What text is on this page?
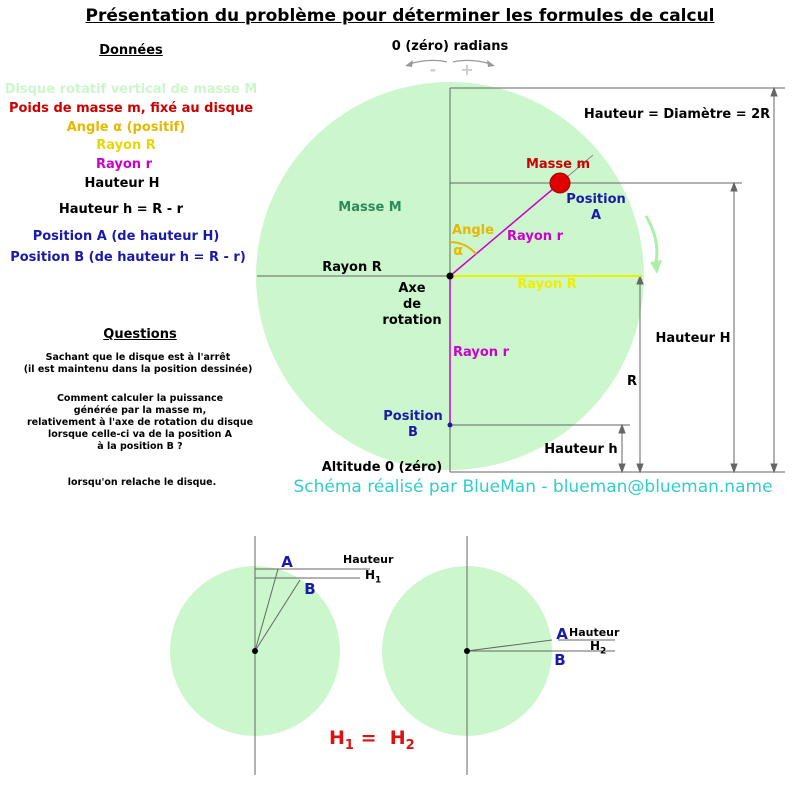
Présentation du problème pour déterminer les formules de calcul
Données
Disque rotatif vertical de masse M
Poids de masse m, fixé au disque
Angle α (positif)
Rayon R
Rayon r
Hauteur H
Hauteur h = R - r
Position A (de hauteur H)
Position B (de hauteur h = R - r)
Questions
Sachant que le disque est à l'arrêt
(il est maintenu dans la position dessinée)
Comment calculer la puissance
générée par la masse m,
relativement à l'axe de rotation du disque
lorsque celle-ci va de la position A
à la position B ?
lorsqu'on relache le disque.
0 (zéro) radians
- +
Hauteur = Diamètre = 2R
Masse m
Masse M
Position
A
Angle
α
Rayon r
Rayon R
Rayon R
Axe
de
rotation
Rayon r
Hauteur H
R
Position
B
Hauteur h
Altitude 0 (zéro)
Schéma réalisé par BlueMan - blueman@blueman.name
A
B
Hauteur
$H_1$
A
B
Hauteur
$H_2$
$H_1 = H_2$
